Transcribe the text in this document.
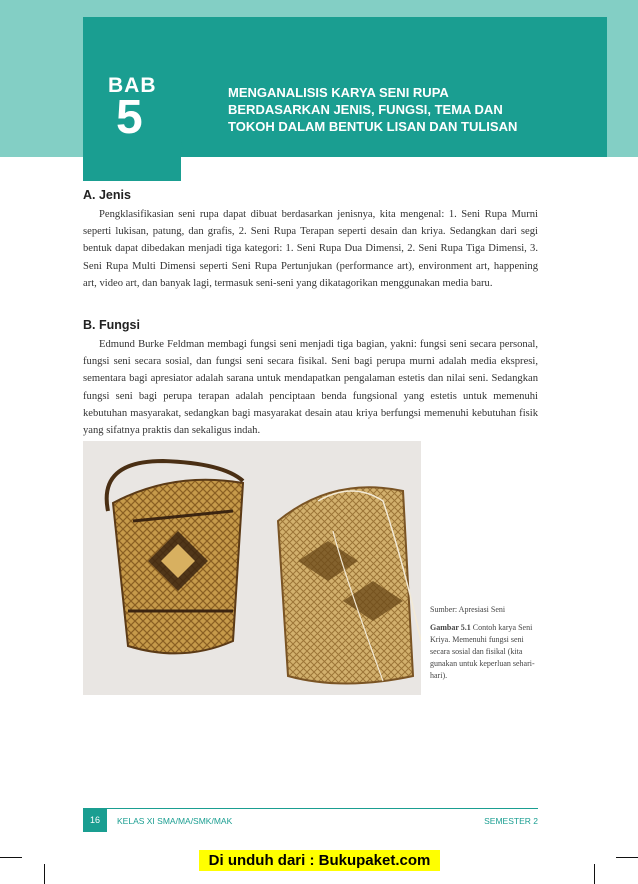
BAB
5	MENGANALISIS KARYA SENI RUPA
BERDASARKAN JENIS, FUNGSI, TEMA DAN
TOKOH DALAM BENTUK LISAN DAN TULISAN
A. Jenis
Pengklasifikasian seni rupa dapat dibuat berdasarkan jenisnya, kita mengenal: 1. Seni Rupa Murni seperti lukisan, patung, dan grafis, 2. Seni Rupa Terapan seperti desain dan kriya. Sedangkan dari segi bentuk dapat dibedakan menjadi tiga kategori: 1. Seni Rupa Dua Dimensi, 2. Seni Rupa Tiga Dimensi, 3. Seni Rupa Multi Dimensi seperti Seni Rupa Pertunjukan (performance art), environment art, happening art, video art, dan banyak lagi, termasuk seni-seni yang dikatagorikan menggunakan media baru.
B. Fungsi
Edmund Burke Feldman membagi fungsi seni menjadi tiga bagian, yakni: fungsi seni secara personal, fungsi seni secara sosial, dan fungsi seni secara fisikal. Seni bagi perupa murni adalah media ekspresi, sementara bagi apresiator adalah sarana untuk mendapatkan pengalaman estetis dan nilai seni. Sedangkan fungsi seni bagi perupa terapan adalah penciptaan benda fungsional yang estetis untuk memenuhi kebutuhan masyarakat, sedangkan bagi masyarakat desain atau kriya berfungsi memenuhi kebutuhan fisik yang sifatnya praktis dan sekaligus indah.
Sumber: Apresiasi Seni
Gambar 5.1 Contoh karya Seni Kriya. Memenuhi fungsi seni secara sosial dan fisikal (kita gunakan untuk keperluan sehari-hari).
16	KELAS XI SMA/MA/SMK/MAK	SEMESTER 2
Di unduh dari : Bukupaket.com
